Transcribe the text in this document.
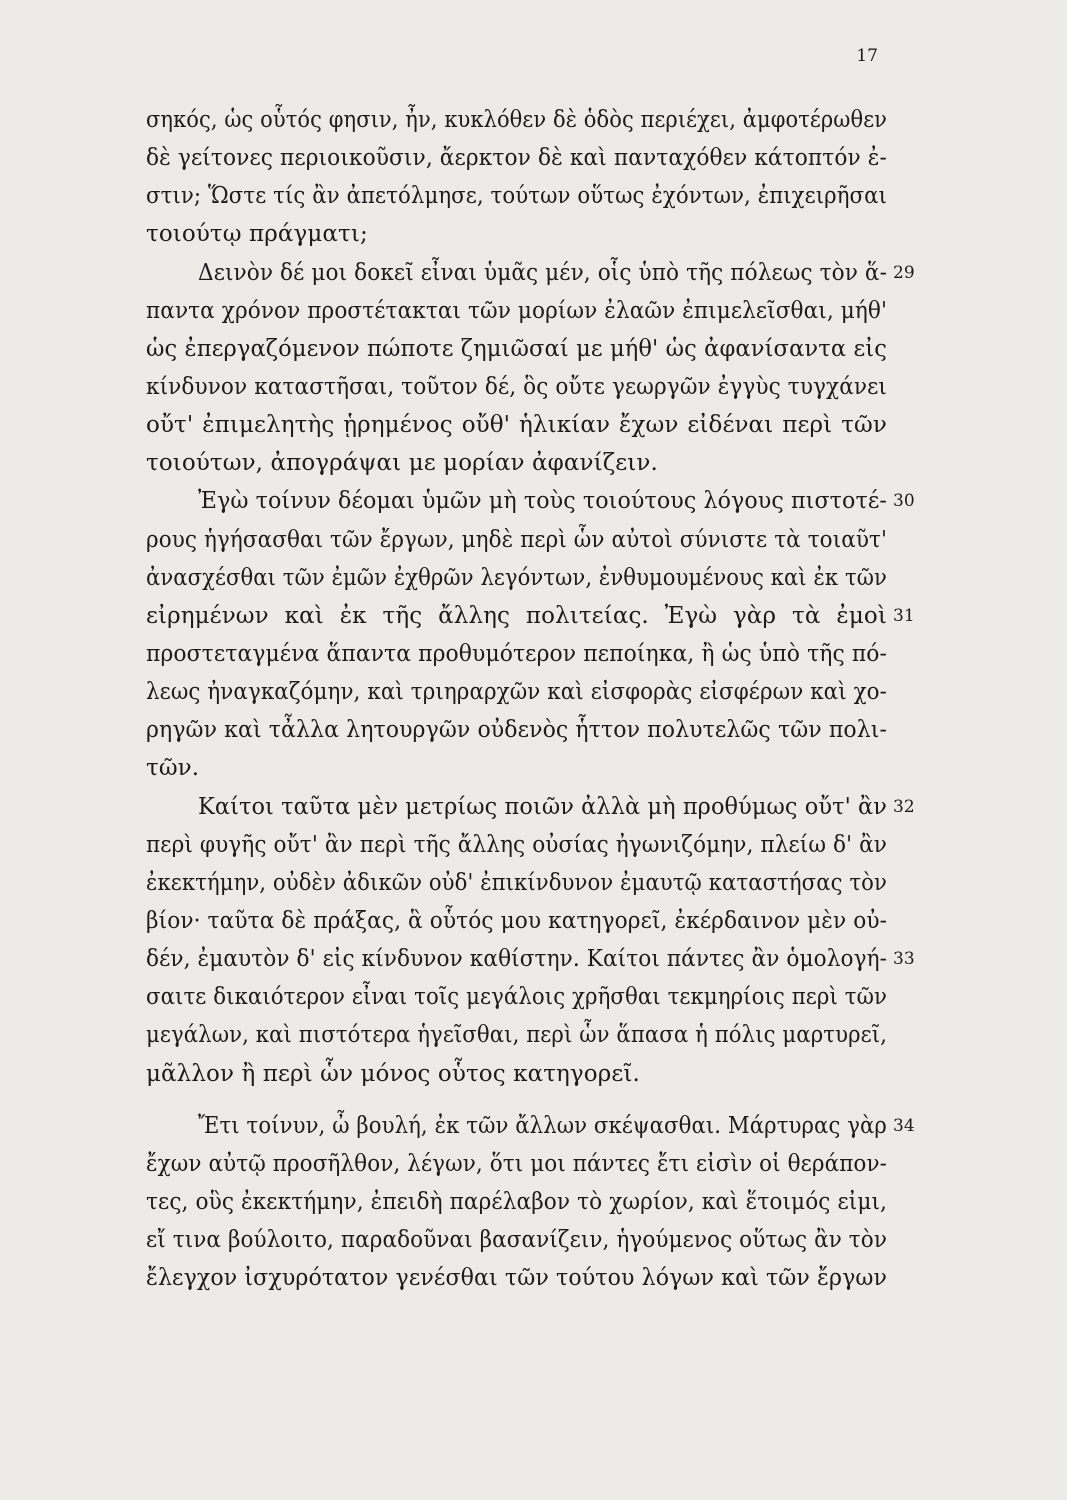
17
σηκός, ὡς οὗτός φησιν, ἦν, κυκλόθεν δὲ ὁδὸς περιέχει, ἀμφοτέρωθεν
δὲ γείτονες περιοικοῦσιν, ἄερκτον δὲ καὶ πανταχόθεν κάτοπτόν ἐ-
στιν; Ὥστε τίς ἂν ἀπετόλμησε, τούτων οὕτως ἐχόντων, ἐπιχειρῆσαι
τοιούτῳ πράγματι;
Δεινὸν δέ μοι δοκεῖ εἶναι ὑμᾶς μέν, οἷς ὑπὸ τῆς πόλεως τὸν ἅ- 29
παντα χρόνον προστέτακται τῶν μορίων ἐλαῶν ἐπιμελεῖσθαι, μήθ'
ὡς ἐπεργαζόμενον πώποτε ζημιῶσαί με μήθ' ὡς ἀφανίσαντα εἰς
κίνδυνον καταστῆσαι, τοῦτον δέ, ὃς οὔτε γεωργῶν ἐγγὺς τυγχάνει
οὔτ' ἐπιμελητὴς ᾑρημένος οὔθ' ἡλικίαν ἔχων εἰδέναι περὶ τῶν
τοιούτων, ἀπογράψαι με μορίαν ἀφανίζειν.
Ἐγὼ τοίνυν δέομαι ὑμῶν μὴ τοὺς τοιούτους λόγους πιστοτέ- 30
ρους ἡγήσασθαι τῶν ἔργων, μηδὲ περὶ ὧν αὐτοὶ σύνιστε τὰ τοιαῦτ'
ἀνασχέσθαι τῶν ἐμῶν ἐχθρῶν λεγόντων, ἐνθυμουμένους καὶ ἐκ τῶν
εἰρημένων καὶ ἐκ τῆς ἄλλης πολιτείας. Ἐγὼ γὰρ τὰ ἐμοὶ 31
προστεταγμένα ἅπαντα προθυμότερον πεποίηκα, ἢ ὡς ὑπὸ τῆς πό-
λεως ἠναγκαζόμην, καὶ τριηραρχῶν καὶ εἰσφορὰς εἰσφέρων καὶ χο-
ρηγῶν καὶ τἆλλα λητουργῶν οὐδενὸς ἧττον πολυτελῶς τῶν πολι-
τῶν.
Καίτοι ταῦτα μὲν μετρίως ποιῶν ἀλλὰ μὴ προθύμως οὔτ' ἂν 32
περὶ φυγῆς οὔτ' ἂν περὶ τῆς ἄλλης οὐσίας ἠγωνιζόμην, πλείω δ' ἂν
ἐκεκτήμην, οὐδὲν ἀδικῶν οὐδ' ἐπικίνδυνον ἐμαυτῷ καταστήσας τὸν
βίον· ταῦτα δὲ πράξας, ἃ οὗτός μου κατηγορεῖ, ἐκέρδαινον μὲν οὐ-
δέν, ἐμαυτὸν δ' εἰς κίνδυνον καθίστην. Καίτοι πάντες ἂν ὁμολογή- 33
σαιτε δικαιότερον εἶναι τοῖς μεγάλοις χρῆσθαι τεκμηρίοις περὶ τῶν
μεγάλων, καὶ πιστότερα ἡγεῖσθαι, περὶ ὧν ἅπασα ἡ πόλις μαρτυρεῖ,
μᾶλλον ἢ περὶ ὧν μόνος οὗτος κατηγορεῖ.
Ἔτι τοίνυν, ὦ βουλή, ἐκ τῶν ἄλλων σκέψασθαι. Μάρτυρας γὰρ 34
ἔχων αὐτῷ προσῆλθον, λέγων, ὅτι μοι πάντες ἔτι εἰσὶν οἱ θεράπον-
τες, οὓς ἐκεκτήμην, ἐπειδὴ παρέλαβον τὸ χωρίον, καὶ ἕτοιμός εἰμι,
εἴ τινα βούλοιτο, παραδοῦναι βασανίζειν, ἡγούμενος οὕτως ἂν τὸν
ἔλεγχον ἰσχυρότατον γενέσθαι τῶν τούτου λόγων καὶ τῶν ἔργων
